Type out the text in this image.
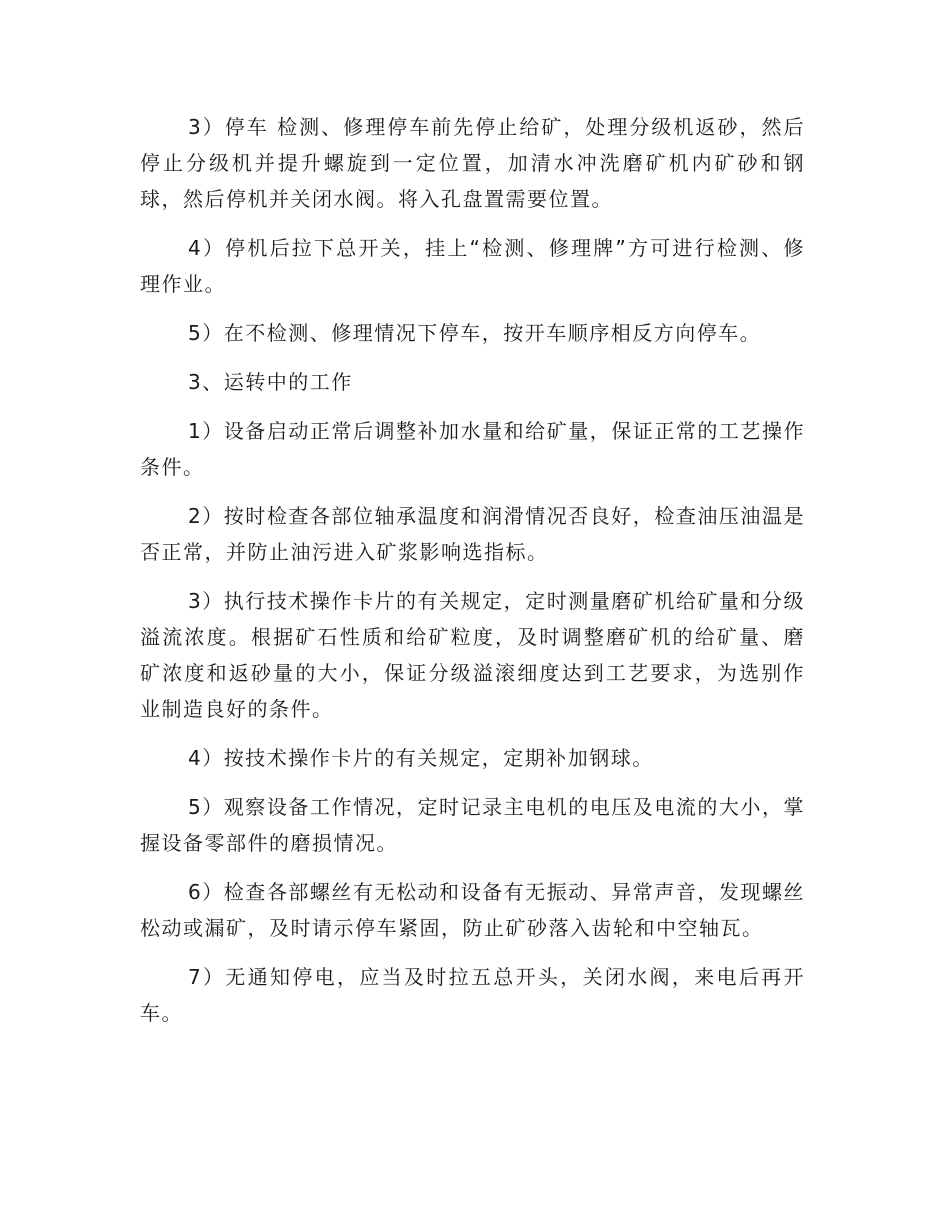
3）停车 检测、修理停车前先停止给矿，处理分级机返砂，然后停止分级机并提升螺旋到一定位置，加清水冲洗磨矿机内矿砂和钢球，然后停机并关闭水阀。将入孔盘置需要位置。

4）停机后拉下总开关，挂上“检测、修理牌”方可进行检测、修理作业。

5）在不检测、修理情况下停车，按开车顺序相反方向停车。

3、运转中的工作

1）设备启动正常后调整补加水量和给矿量，保证正常的工艺操作条件。

2）按时检查各部位轴承温度和润滑情况否良好，检查油压油温是否正常，并防止油污进入矿浆影响选指标。

3）执行技术操作卡片的有关规定，定时测量磨矿机给矿量和分级溢流浓度。根据矿石性质和给矿粒度，及时调整磨矿机的给矿量、磨矿浓度和返砂量的大小，保证分级溢滚细度达到工艺要求，为选别作业制造良好的条件。

4）按技术操作卡片的有关规定，定期补加钢球。

5）观察设备工作情况，定时记录主电机的电压及电流的大小，掌握设备零部件的磨损情况。

6）检查各部螺丝有无松动和设备有无振动、异常声音，发现螺丝松动或漏矿，及时请示停车紧固，防止矿砂落入齿轮和中空轴瓦。

7）无通知停电，应当及时拉五总开头，关闭水阀，来电后再开车。
